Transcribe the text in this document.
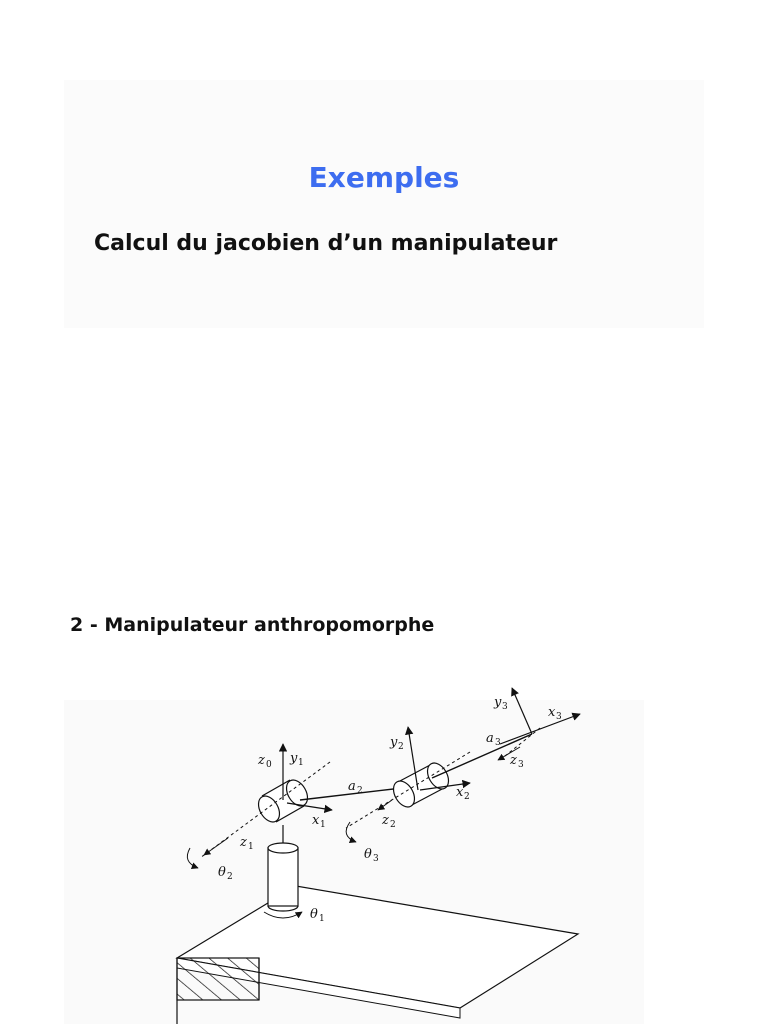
Exemples
Calcul du jacobien d’un manipulateur
2 - Manipulateur anthropomorphe
z 0 y 1
x 1
z 1
θ 2
θ 1
a 2
y 2
x 2
z 2
θ 3
a 3
y 3	x 3
z 3
